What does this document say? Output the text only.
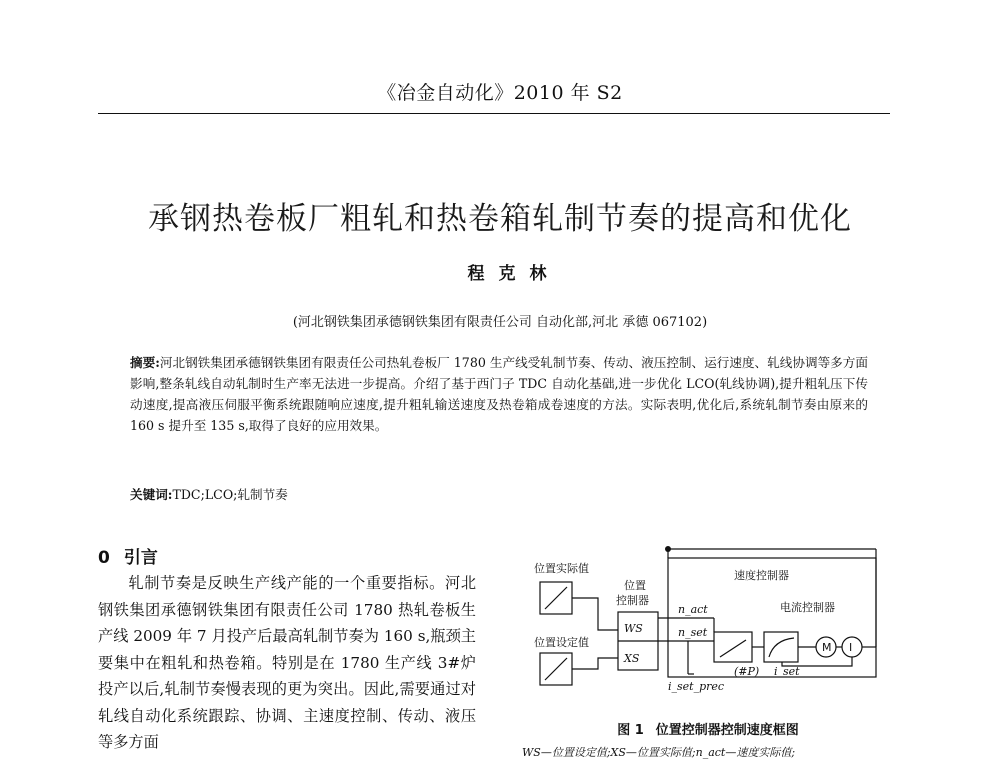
《冶金自动化》2010 年 S2
承钢热卷板厂粗轧和热卷箱轧制节奏的提高和优化
程克林
(河北钢铁集团承德钢铁集团有限责任公司 自动化部,河北 承德 067102)
摘要:河北钢铁集团承德钢铁集团有限责任公司热轧卷板厂 1780 生产线受轧制节奏、传动、液压控制、运行速度、轧线协调等多方面影响,整条轧线自动轧制时生产率无法进一步提高。介绍了基于西门子 TDC 自动化基础,进一步优化 LCO(轧线协调),提升粗轧压下传动速度,提高液压伺服平衡系统跟随响应速度,提升粗轧输送速度及热卷箱成卷速度的方法。实际表明,优化后,系统轧制节奏由原来的 160 s 提升至 135 s,取得了良好的应用效果。
关键词:TDC;LCO;轧制节奏
0 引言

轧制节奏是反映生产线产能的一个重要指标。河北钢铁集团承德钢铁集团有限责任公司 1780 热轧卷板生产线 2009 年 7 月投产后最高轧制节奏为 160 s,瓶颈主要集中在粗轧和热卷箱。特别是在 1780 生产线 3#炉投产以后,轧制节奏慢表现的更为突出。因此,需要通过对轧线自动化系统跟踪、协调、主速度控制、传动、液压等多方面

位置实际值
位置
控制器
位置设定值
速度控制器
电流控制器
n_act
n_set
WS
XS
(#P) i_set
i_set_prec
M I
图 1 位置控制器控制速度框图
WS—位置设定值;XS—位置实际值;n_act—速度实际值;
